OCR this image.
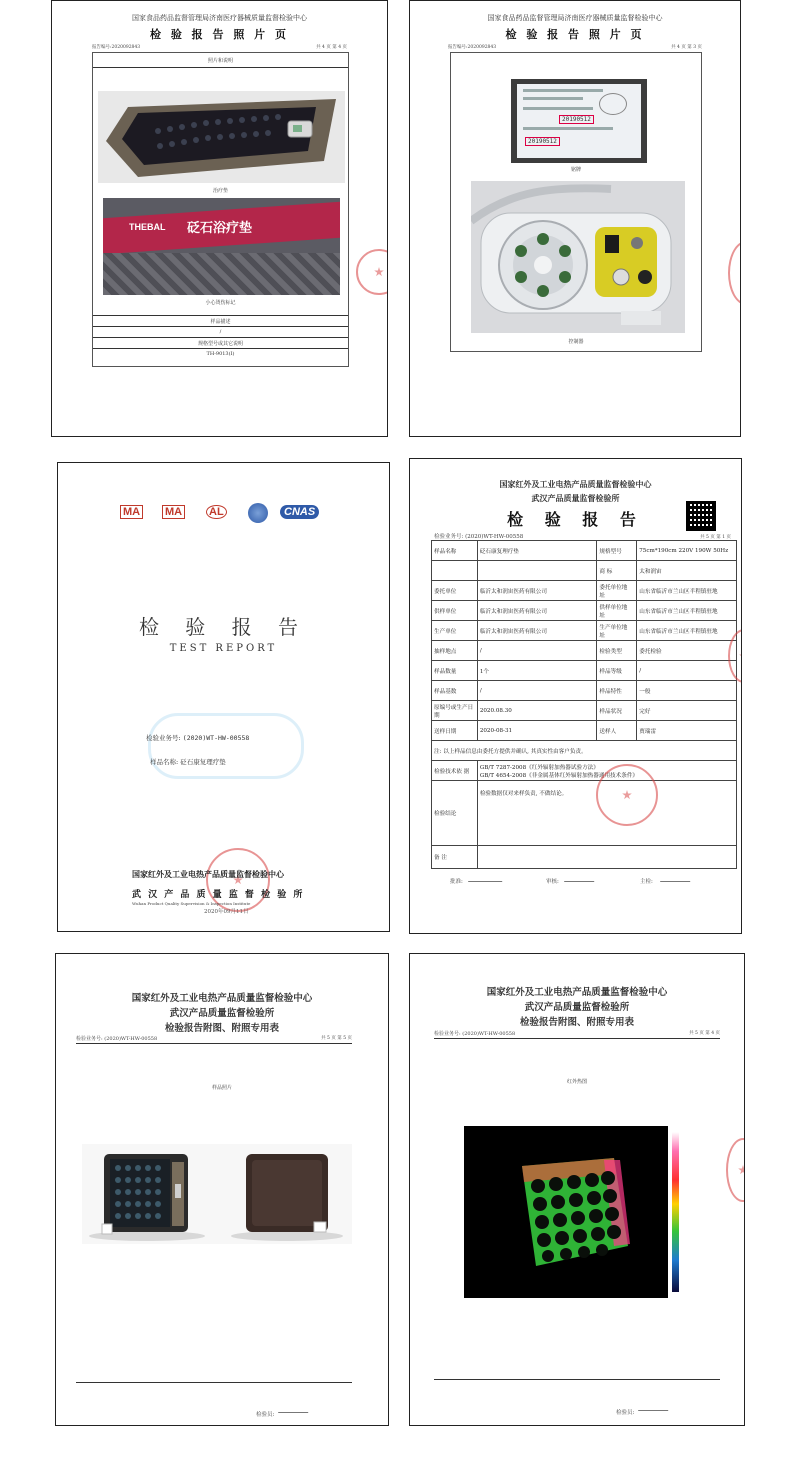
国家食品药品监督管理局济南医疗器械质量监督检验中心
检 验 报 告 照 片 页
报告编号:2020092843	共 4 页 第 4 页
照片和说明
治疗垫
THEBAL 砭石浴疗垫
小心烫伤标记
样品描述
/
规格型号或其它说明
TH-9013(I)
国家食品药品监督管理局济南医疗器械质量监督检验中心
检 验 报 告 照 片 页
报告编号:2020092843	共 4 页 第 3 页
20190512
20190512
铭牌
控制器
MA MA AL	CNAS
检 验 报 告
TEST REPORT
检验业务号: (2020)WT-HW-00558
样品名称: 砭石康复理疗垫
国家红外及工业电热产品质量监督检验中心
武 汉 产 品 质 量 监 督 检 验 所
Wuhan Product Quality Supervision & Inspection Institute
2020年09月11日
国家红外及工业电热产品质量监督检验中心
武汉产品质量监督检验所
检 验 报 告
检验业务号: (2020)WT-HW-00558	共 5 页 第 1 页
样品名称	砭石康复理疗垫	规格型号	75cm*190cm 220V 190W 50Hz
		商 标	太和润宙
委托单位	临沂太和润宙医药有限公司	委托单位地 址	山东省临沂市兰山区半程镇驻地
供样单位	临沂太和润宙医药有限公司	供样单位地 址	山东省临沂市兰山区半程镇驻地
生产单位	临沂太和润宙医药有限公司	生产单位地 址	山东省临沂市兰山区半程镇驻地
抽样地点	/	检验类型	委托检验
样品数量	1个	样品等级	/
样品基数	/	样品特性	一般
原编号或生产日期	2020.08.30	样品状况	完好
送样日期	2020-08-31	送样人	贾瑞雷
注: 以上样品信息由委托方提供并确认, 其真实性由客户负责。			
检验技术依 据	GB/T 7287-2008《红外辐射加热器试验方法》
GB/T 4654-2008《非金属基体红外辐射加热器通用技术条件》		

检验结论	检验数据仅对来样负责, 不做结论。		
备 注			
批准:	审核:	主检:
国家红外及工业电热产品质量监督检验中心
武汉产品质量监督检验所
检验报告附图、附照专用表
检验业务号: (2020)WT-HW-00558	共 5 页 第 5 页
样品照片
检验员:
国家红外及工业电热产品质量监督检验中心
武汉产品质量监督检验所
检验报告附图、附照专用表
检验业务号: (2020)WT-HW-00558	共 5 页 第 4 页
红外热图
检验员:
